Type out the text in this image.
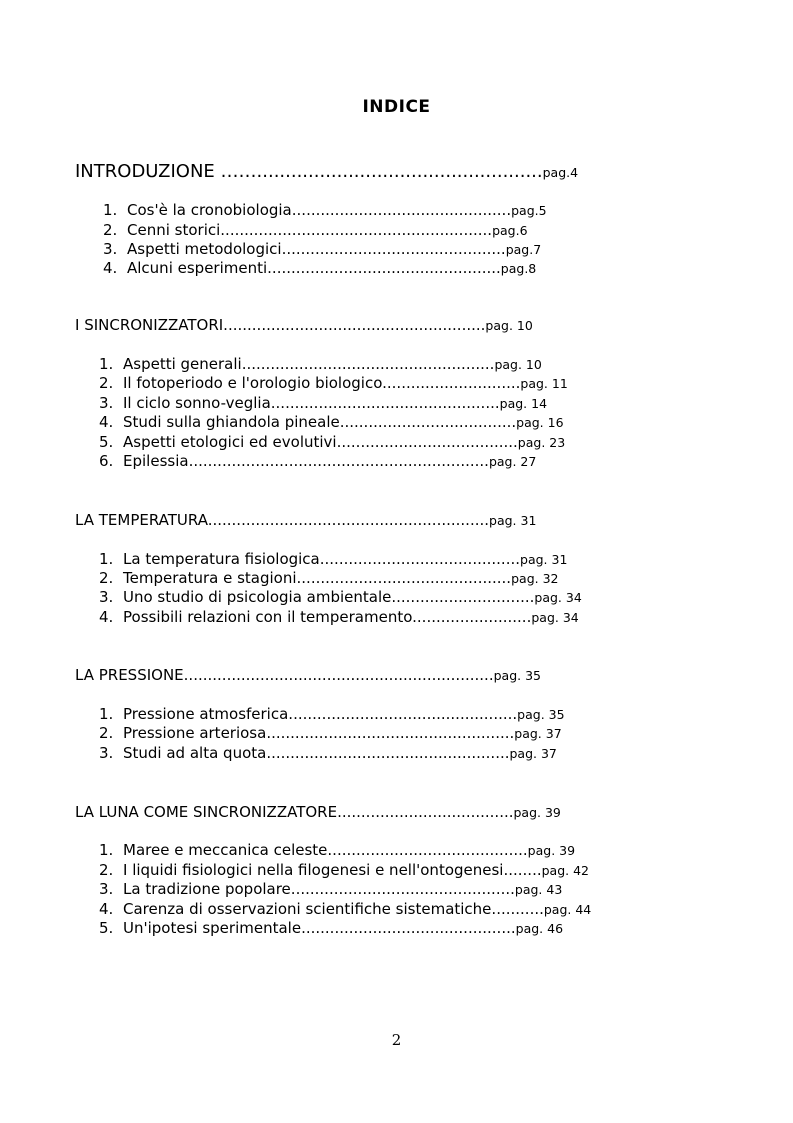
INDICE
INTRODUZIONE ……..................................................pag.4
1. Cos'è la cronobiologia..............................................pag.5
2. Cenni storici.........................................................pag.6
3. Aspetti metodologici...............................................pag.7
4. Alcuni esperimenti.................................................pag.8
I SINCRONIZZATORI.......................................................pag. 10
1. Aspetti generali.....................................................pag. 10
2. Il fotoperiodo e l'orologio biologico.............................pag. 11
3. Il ciclo sonno-veglia................................................pag. 14
4. Studi sulla ghiandola pineale.....................................pag. 16
5. Aspetti etologici ed evolutivi......................................pag. 23
6. Epilessia...............................................................pag. 27
LA TEMPERATURA...........................................................pag. 31
1. La temperatura fisiologica..........................................pag. 31
2. Temperatura e stagioni.............................................pag. 32
3. Uno studio di psicologia ambientale..............................pag. 34
4. Possibili relazioni con il temperamento.........................pag. 34
LA PRESSIONE.................................................................pag. 35
1. Pressione atmosferica................................................pag. 35
2. Pressione arteriosa....................................................pag. 37
3. Studi ad alta quota...................................................pag. 37
LA LUNA COME SINCRONIZZATORE.....................................pag. 39
1. Maree e meccanica celeste..........................................pag. 39
2. I liquidi fisiologici nella filogenesi e nell'ontogenesi........pag. 42
3. La tradizione popolare...............................................pag. 43
4. Carenza di osservazioni scientifiche sistematiche...........pag. 44
5. Un'ipotesi sperimentale.............................................pag. 46
2
